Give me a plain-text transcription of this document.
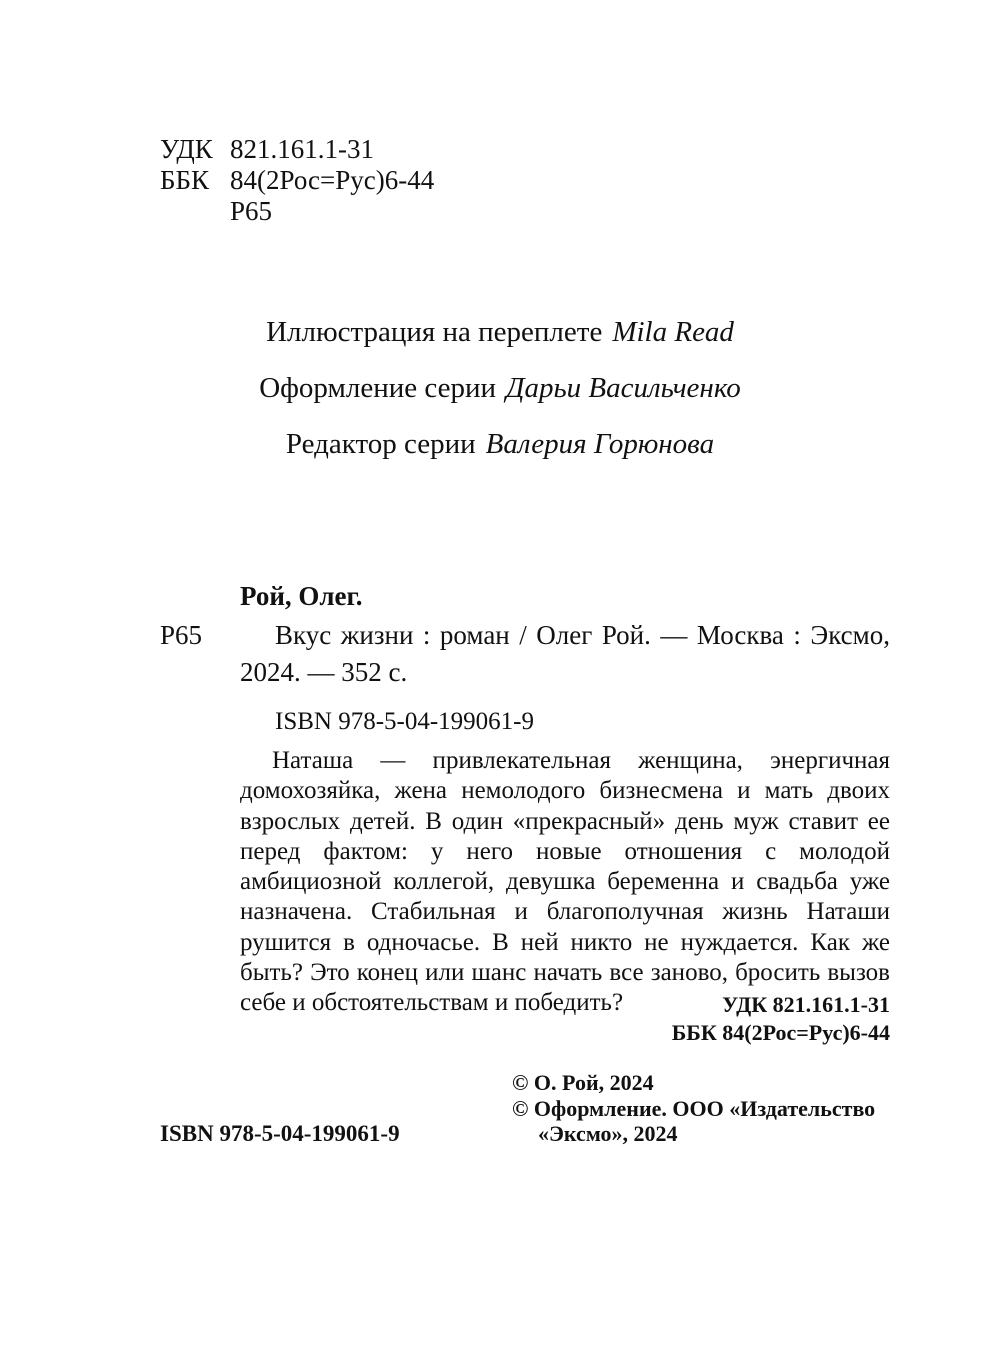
УДК 821.161.1-31
ББК 84(2Рос=Рус)6-44
Р65
Иллюстрация на переплете Mila Read
Оформление серии Дарьи Васильченко
Редактор серии Валерия Горюнова
Рой, Олег.
Р65	Вкус жизни : роман / Олег Рой. — Москва : Эксмо,
2024. — 352 с.
ISBN 978-5-04-199061-9
Наташа — привлекательная женщина, энергичная домохозяйка, жена немолодого бизнесмена и мать двоих взрослых детей. В один «прекрасный» день муж ставит ее перед фактом: у него новые отношения с молодой амбициозной коллегой, девушка беременна и свадьба уже назначена. Стабильная и благополучная жизнь Наташи рушится в одночасье. В ней никто не нуждается. Как же быть? Это конец или шанс начать все заново, бросить вызов себе и обстоятельствам и победить?	УДК 821.161.1-31
ББК 84(2Рос=Рус)6-44
© О. Рой, 2024
© Оформление. ООО «Издательство
ISBN 978-5-04-199061-9	«Эксмо», 2024
